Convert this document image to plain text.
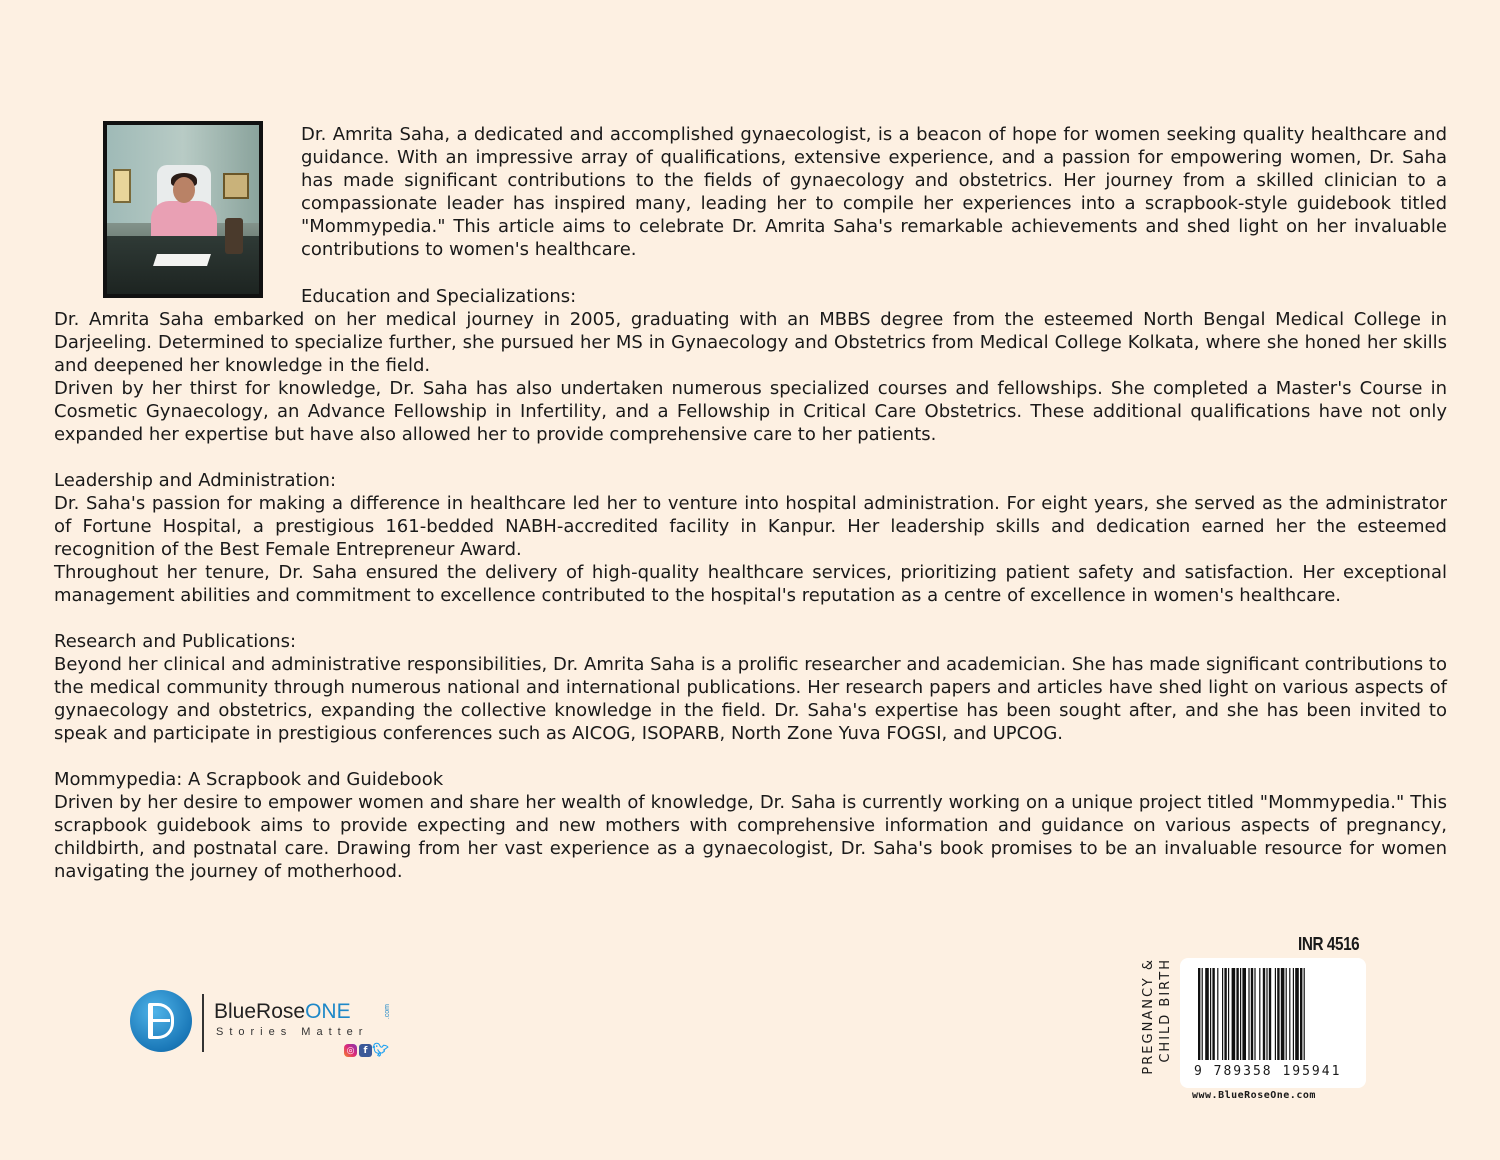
Dr. Amrita Saha, a dedicated and accomplished gynaecologist, is a beacon of hope for women seeking quality healthcare and guidance. With an impressive array of qualifications, extensive experience, and a passion for empowering women, Dr. Saha has made significant contributions to the fields of gynaecology and obstetrics. Her journey from a skilled clinician to a compassionate leader has inspired many, leading her to compile her experiences into a scrapbook-style guidebook titled "Mommypedia." This article aims to celebrate Dr. Amrita Saha's remarkable achievements and shed light on her invaluable contributions to women's healthcare.

Education and Specializations:

Dr. Amrita Saha embarked on her medical journey in 2005, graduating with an MBBS degree from the esteemed North Bengal Medical College in Darjeeling. Determined to specialize further, she pursued her MS in Gynaecology and Obstetrics from Medical College Kolkata, where she honed her skills and deepened her knowledge in the field.

Driven by her thirst for knowledge, Dr. Saha has also undertaken numerous specialized courses and fellowships. She completed a Master's Course in Cosmetic Gynaecology, an Advance Fellowship in Infertility, and a Fellowship in Critical Care Obstetrics. These additional qualifications have not only expanded her expertise but have also allowed her to provide comprehensive care to her patients.

Leadership and Administration:

Dr. Saha's passion for making a difference in healthcare led her to venture into hospital administration. For eight years, she served as the administrator of Fortune Hospital, a prestigious 161-bedded NABH-accredited facility in Kanpur. Her leadership skills and dedication earned her the esteemed recognition of the Best Female Entrepreneur Award.

Throughout her tenure, Dr. Saha ensured the delivery of high-quality healthcare services, prioritizing patient safety and satisfaction. Her exceptional management abilities and commitment to excellence contributed to the hospital's reputation as a centre of excellence in women's healthcare.

Research and Publications:

Beyond her clinical and administrative responsibilities, Dr. Amrita Saha is a prolific researcher and academician. She has made significant contributions to the medical community through numerous national and international publications. Her research papers and articles have shed light on various aspects of gynaecology and obstetrics, expanding the collective knowledge in the field. Dr. Saha's expertise has been sought after, and she has been invited to speak and participate in prestigious conferences such as AICOG, ISOPARB, North Zone Yuva FOGSI, and UPCOG.

Mommypedia: A Scrapbook and Guidebook

Driven by her desire to empower women and share her wealth of knowledge, Dr. Saha is currently working on a unique project titled "Mommypedia." This scrapbook guidebook aims to provide expecting and new mothers with comprehensive information and guidance on various aspects of pregnancy, childbirth, and postnatal care. Drawing from her vast experience as a gynaecologist, Dr. Saha's book promises to be an invaluable resource for women navigating the journey of motherhood.

BlueRoseONE	.com
Stories Matter
◎	f 🐦︎
INR 4516
PREGNANCY & CHILD BIRTH
9 789358 195941
www.BlueRoseOne.com
